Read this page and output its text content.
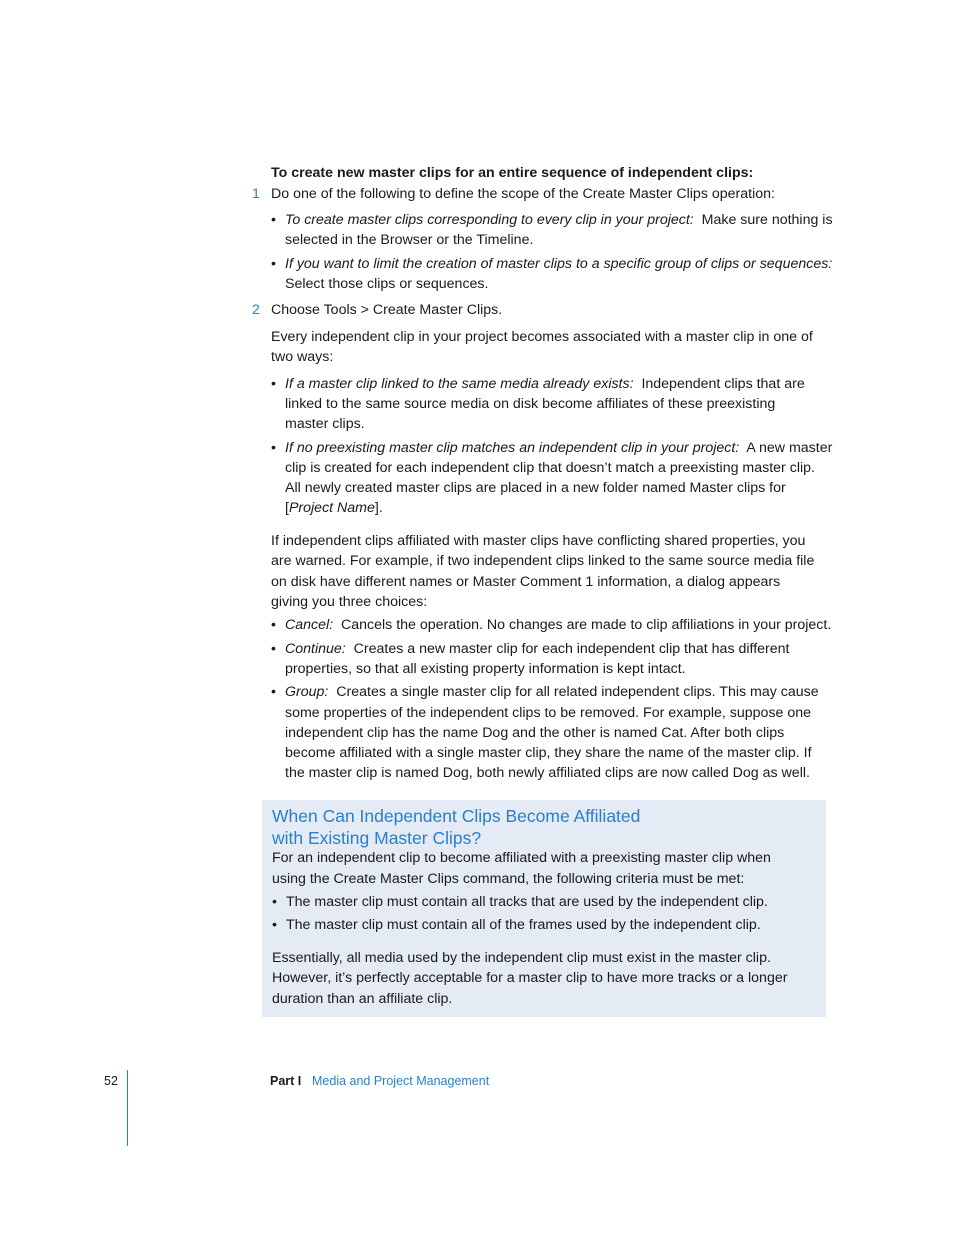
To create new master clips for an entire sequence of independent clips:
1 Do one of the following to define the scope of the Create Master Clips operation:
• To create master clips corresponding to every clip in your project: Make sure nothing is
selected in the Browser or the Timeline.
• If you want to limit the creation of master clips to a specific group of clips or sequences:
Select those clips or sequences.
2 Choose Tools > Create Master Clips.
Every independent clip in your project becomes associated with a master clip in one of
two ways:
• If a master clip linked to the same media already exists: Independent clips that are
linked to the same source media on disk become affiliates of these preexisting
master clips.
• If no preexisting master clip matches an independent clip in your project: A new master
clip is created for each independent clip that doesn’t match a preexisting master clip.
All newly created master clips are placed in a new folder named Master clips for
[Project Name].
If independent clips affiliated with master clips have conflicting shared properties, you
are warned. For example, if two independent clips linked to the same source media file
on disk have different names or Master Comment 1 information, a dialog appears
giving you three choices:
• Cancel: Cancels the operation. No changes are made to clip affiliations in your project.
• Continue: Creates a new master clip for each independent clip that has different
properties, so that all existing property information is kept intact.
• Group: Creates a single master clip for all related independent clips. This may cause
some properties of the independent clips to be removed. For example, suppose one
independent clip has the name Dog and the other is named Cat. After both clips
become affiliated with a single master clip, they share the name of the master clip. If
the master clip is named Dog, both newly affiliated clips are now called Dog as well.
When Can Independent Clips Become Affiliated
with Existing Master Clips?
For an independent clip to become affiliated with a preexisting master clip when
using the Create Master Clips command, the following criteria must be met:
• The master clip must contain all tracks that are used by the independent clip.
• The master clip must contain all of the frames used by the independent clip.
Essentially, all media used by the independent clip must exist in the master clip.
However, it’s perfectly acceptable for a master clip to have more tracks or a longer
duration than an affiliate clip.
52	Part I Media and Project Management
